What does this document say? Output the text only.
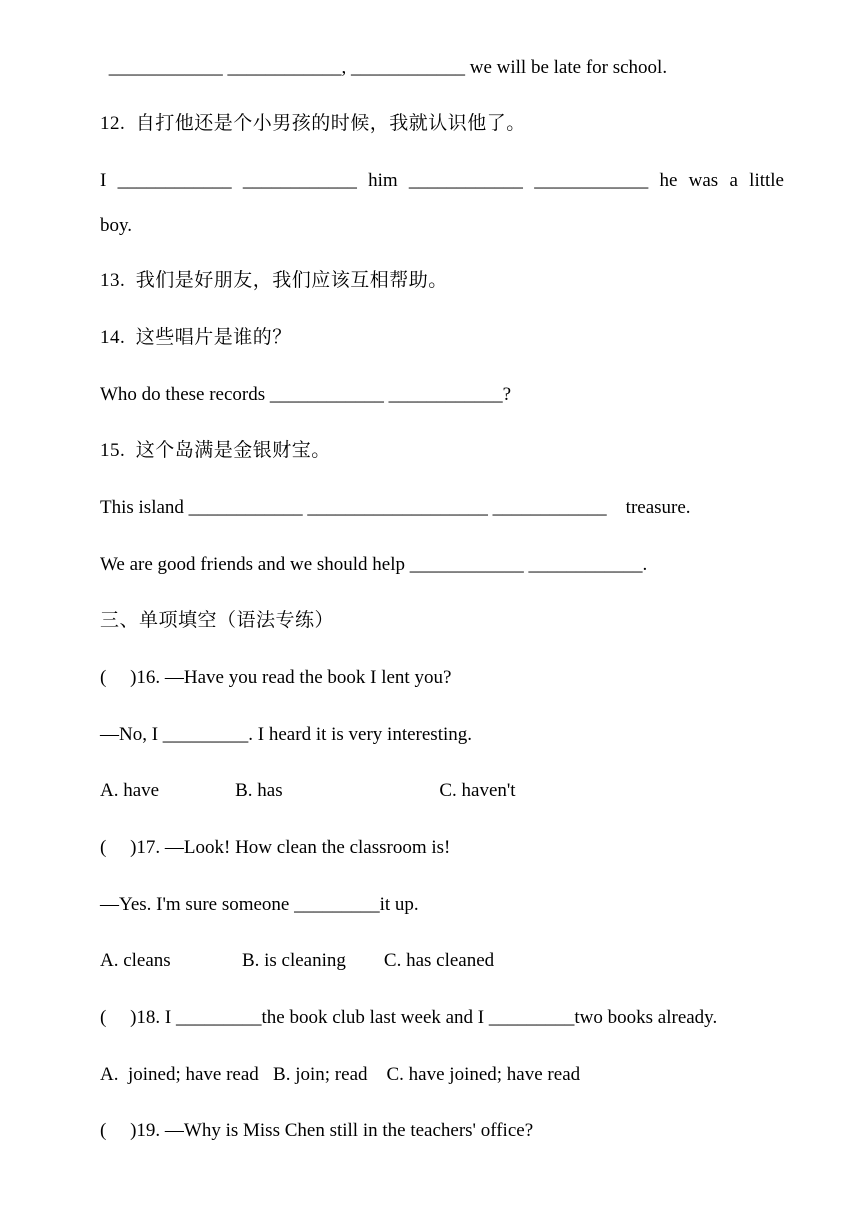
____________ ____________, ____________ we will be late for school.
12.  自打他还是个小男孩的时候，我就认识他了。
I ____________ ____________ him ____________ ____________ he was a little
boy.
13.  我们是好朋友，我们应该互相帮助。
14.  这些唱片是谁的？
Who do these records ____________ ____________?
15.  这个岛满是金银财宝。
This island ____________ ___________________ ____________    treasure.
We are good friends and we should help ____________ ____________.
三、单项填空（语法专练）
(     )16. —Have you read the book I lent you?
—No, I _________. I heard it is very interesting.
A. have                B. has                                 C. haven't
(     )17. —Look! How clean the classroom is!
—Yes. I'm sure someone _________it up.
A. cleans               B. is cleaning        C. has cleaned
(     )18. I _________the book club last week and I _________two books already.
A.  joined; have read   B. join; read    C. have joined; have read
(     )19. —Why is Miss Chen still in the teachers' office?
